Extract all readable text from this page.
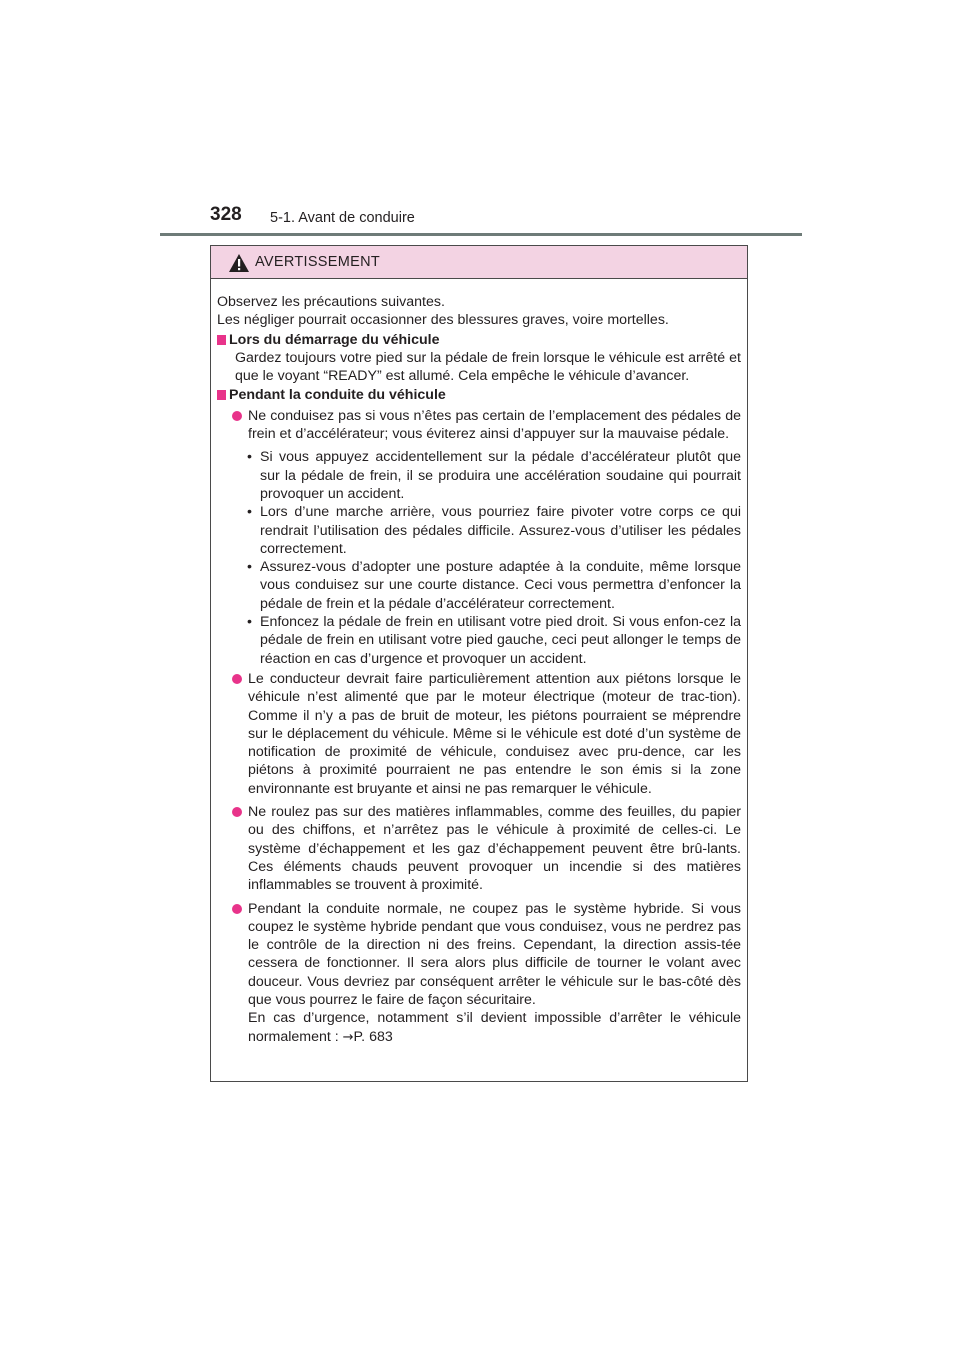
328 5-1. Avant de conduire
AVERTISSEMENT

Observez les précautions suivantes.
Les négliger pourrait occasionner des blessures graves, voire mortelles.

Lors du démarrage du véhicule

Gardez toujours votre pied sur la pédale de frein lorsque le véhicule est arrêté et que le voyant “READY” est allumé. Cela empêche le véhicule d’avancer.

Pendant la conduite du véhicule

Ne conduisez pas si vous n’êtes pas certain de l’emplacement des pédales de frein et d’accélérateur; vous éviterez ainsi d’appuyer sur la mauvaise pédale.

• Si vous appuyez accidentellement sur la pédale d’accélérateur plutôt que sur la pédale de frein, il se produira une accélération soudaine qui pourrait provoquer un accident.

• Lors d’une marche arrière, vous pourriez faire pivoter votre corps ce qui rendrait l’utilisation des pédales difficile. Assurez-vous d’utiliser les pédales correctement.

• Assurez-vous d’adopter une posture adaptée à la conduite, même lorsque vous conduisez sur une courte distance. Ceci vous permettra d’enfoncer la pédale de frein et la pédale d’accélérateur correctement.

• Enfoncez la pédale de frein en utilisant votre pied droit. Si vous enfon-cez la pédale de frein en utilisant votre pied gauche, ceci peut allonger le temps de réaction en cas d’urgence et provoquer un accident.

Le conducteur devrait faire particulièrement attention aux piétons lorsque le véhicule n’est alimenté que par le moteur électrique (moteur de trac-tion). Comme il n’y a pas de bruit de moteur, les piétons pourraient se méprendre sur le déplacement du véhicule. Même si le véhicule est doté d’un système de notification de proximité de véhicule, conduisez avec pru-dence, car les piétons à proximité pourraient ne pas entendre le son émis si la zone environnante est bruyante et ainsi ne pas remarquer le véhicule.

Ne roulez pas sur des matières inflammables, comme des feuilles, du papier ou des chiffons, et n’arrêtez pas le véhicule à proximité de celles-ci. Le système d’échappement et les gaz d’échappement peuvent être brû-lants. Ces éléments chauds peuvent provoquer un incendie si des matières inflammables se trouvent à proximité.

Pendant la conduite normale, ne coupez pas le système hybride. Si vous coupez le système hybride pendant que vous conduisez, vous ne perdrez pas le contrôle de la direction ni des freins. Cependant, la direction assis-tée cessera de fonctionner. Il sera alors plus difficile de tourner le volant avec douceur. Vous devriez par conséquent arrêter le véhicule sur le bas-côté dès que vous pourrez le faire de façon sécuritaire.

En cas d’urgence, notamment s’il devient impossible d’arrêter le véhicule normalement : →P. 683
